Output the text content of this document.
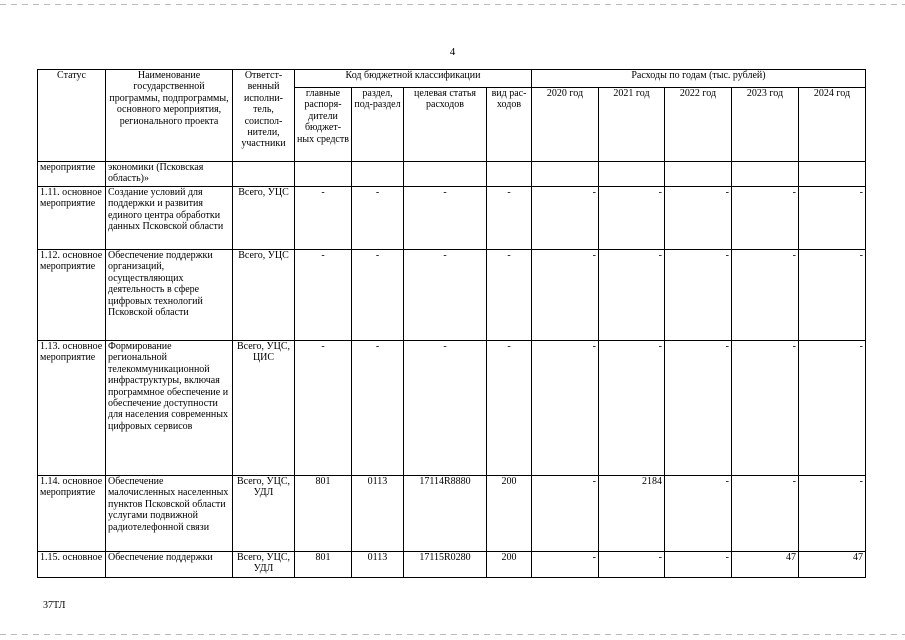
4
Статус	Наименование государственной программы, подпрограммы, основного мероприятия, регионального проекта	Ответст-венный исполни-тель, соиспол-нители, участники	Код бюджетной классификации				Расходы по годам (тыс. рублей)				
			главные распоря-дители бюджет-ных средств	раздел, под-раздел	целевая статья расходов	вид рас-ходов	2020 год	2021 год	2022 год	2023 год	2024 год
мероприятие	экономики (Псковская область)»										
1.11. основное мероприятие	Создание условий для поддержки и развития единого центра обработки данных Псковской области	Всего, УЦС	-	-	-	-	-	-	-	-	-
1.12. основное мероприятие	Обеспечение поддержки организаций, осуществляющих деятельность в сфере цифровых технологий Псковской области	Всего, УЦС	-	-	-	-	-	-	-	-	-
1.13. основное мероприятие	Формирование региональной телекоммуникационной инфраструктуры, включая программное обеспечение и обеспечение доступности для населения современных цифровых сервисов	Всего, УЦС, ЦИС	-	-	-	-	-	-	-	-	-
1.14. основное мероприятие	Обеспечение малочисленных населенных пунктов Псковской области услугами подвижной радиотелефонной связи	Всего, УЦС, УДЛ	801	0113	17114R8880	200	-	2184	-	-	-
1.15. основное	Обеспечение поддержки	Всего, УЦС, УДЛ	801	0113	17115R0280	200	-	-	-	47	47
37ТЛ
